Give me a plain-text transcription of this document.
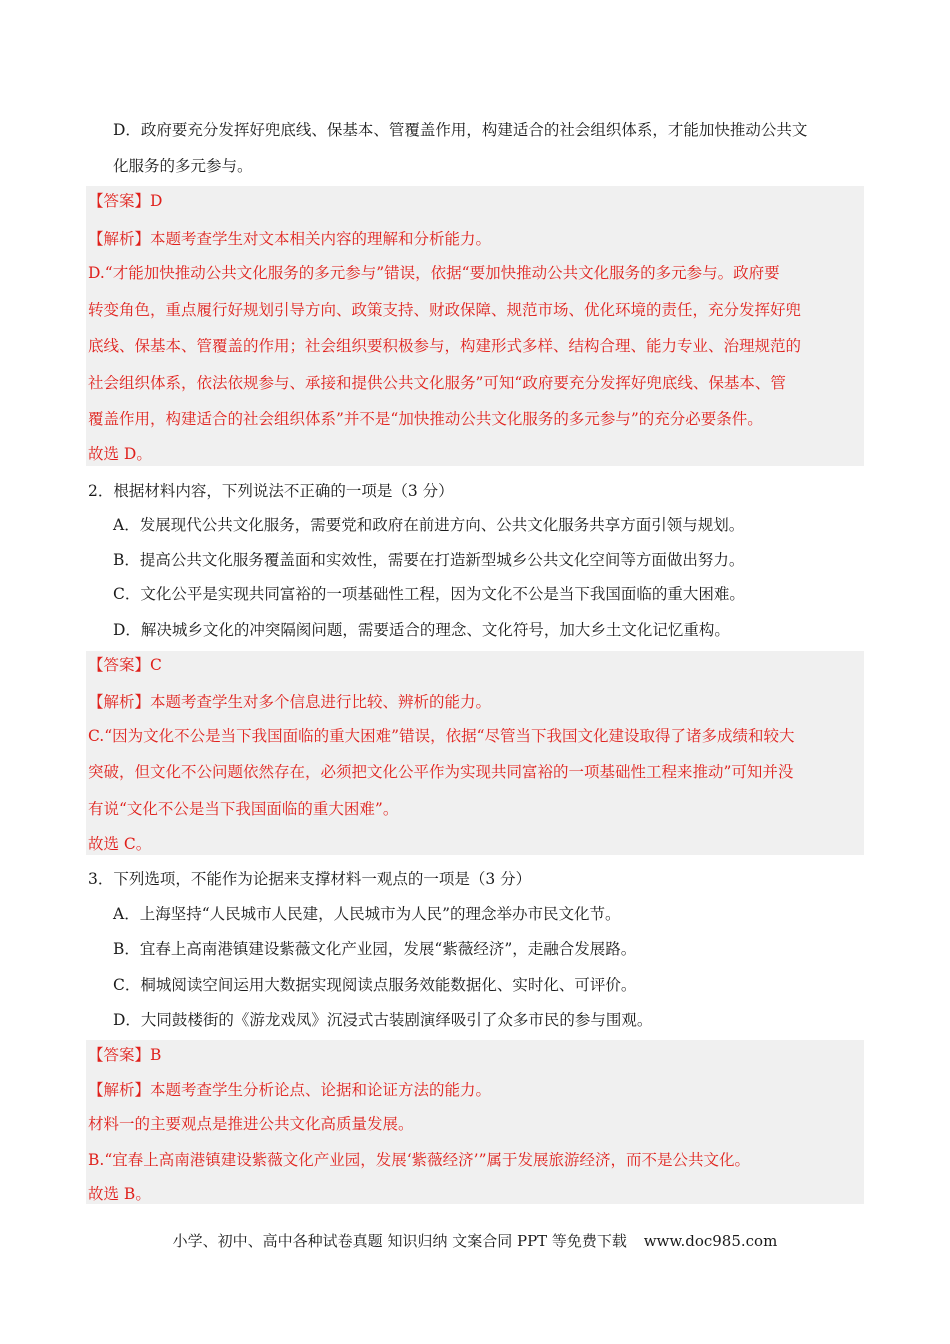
D．政府要充分发挥好兜底线、保基本、管覆盖作用，构建适合的社会组织体系，才能加快推动公共文
化服务的多元参与。
【答案】D
【解析】本题考查学生对文本相关内容的理解和分析能力。
D.“才能加快推动公共文化服务的多元参与”错误，依据“要加快推动公共文化服务的多元参与。政府要
转变角色，重点履行好规划引导方向、政策支持、财政保障、规范市场、优化环境的责任，充分发挥好兜
底线、保基本、管覆盖的作用；社会组织要积极参与，构建形式多样、结构合理、能力专业、治理规范的
社会组织体系，依法依规参与、承接和提供公共文化服务”可知“政府要充分发挥好兜底线、保基本、管
覆盖作用，构建适合的社会组织体系”并不是“加快推动公共文化服务的多元参与”的充分必要条件。
故选 D。
2．根据材料内容，下列说法不正确的一项是（3 分）
A．发展现代公共文化服务，需要党和政府在前进方向、公共文化服务共享方面引领与规划。
B．提高公共文化服务覆盖面和实效性，需要在打造新型城乡公共文化空间等方面做出努力。
C．文化公平是实现共同富裕的一项基础性工程，因为文化不公是当下我国面临的重大困难。
D．解决城乡文化的冲突隔阂问题，需要适合的理念、文化符号，加大乡土文化记忆重构。
【答案】C
【解析】本题考查学生对多个信息进行比较、辨析的能力。
C.“因为文化不公是当下我国面临的重大困难”错误，依据“尽管当下我国文化建设取得了诸多成绩和较大
突破，但文化不公问题依然存在，必须把文化公平作为实现共同富裕的一项基础性工程来推动”可知并没
有说“文化不公是当下我国面临的重大困难”。
故选 C。
3．下列选项，不能作为论据来支撑材料一观点的一项是（3 分）
A．上海坚持“人民城市人民建，人民城市为人民”的理念举办市民文化节。
B．宜春上高南港镇建设紫薇文化产业园，发展“紫薇经济”，走融合发展路。
C．桐城阅读空间运用大数据实现阅读点服务效能数据化、实时化、可评价。
D．大同鼓楼街的《游龙戏凤》沉浸式古装剧演绎吸引了众多市民的参与围观。
【答案】B
【解析】本题考查学生分析论点、论据和论证方法的能力。
材料一的主要观点是推进公共文化高质量发展。
B.“宜春上高南港镇建设紫薇文化产业园，发展‘紫薇经济’”属于发展旅游经济，而不是公共文化。
故选 B。
小学、初中、高中各种试卷真题 知识归纳 文案合同 PPT 等免费下载 www.doc985.com
